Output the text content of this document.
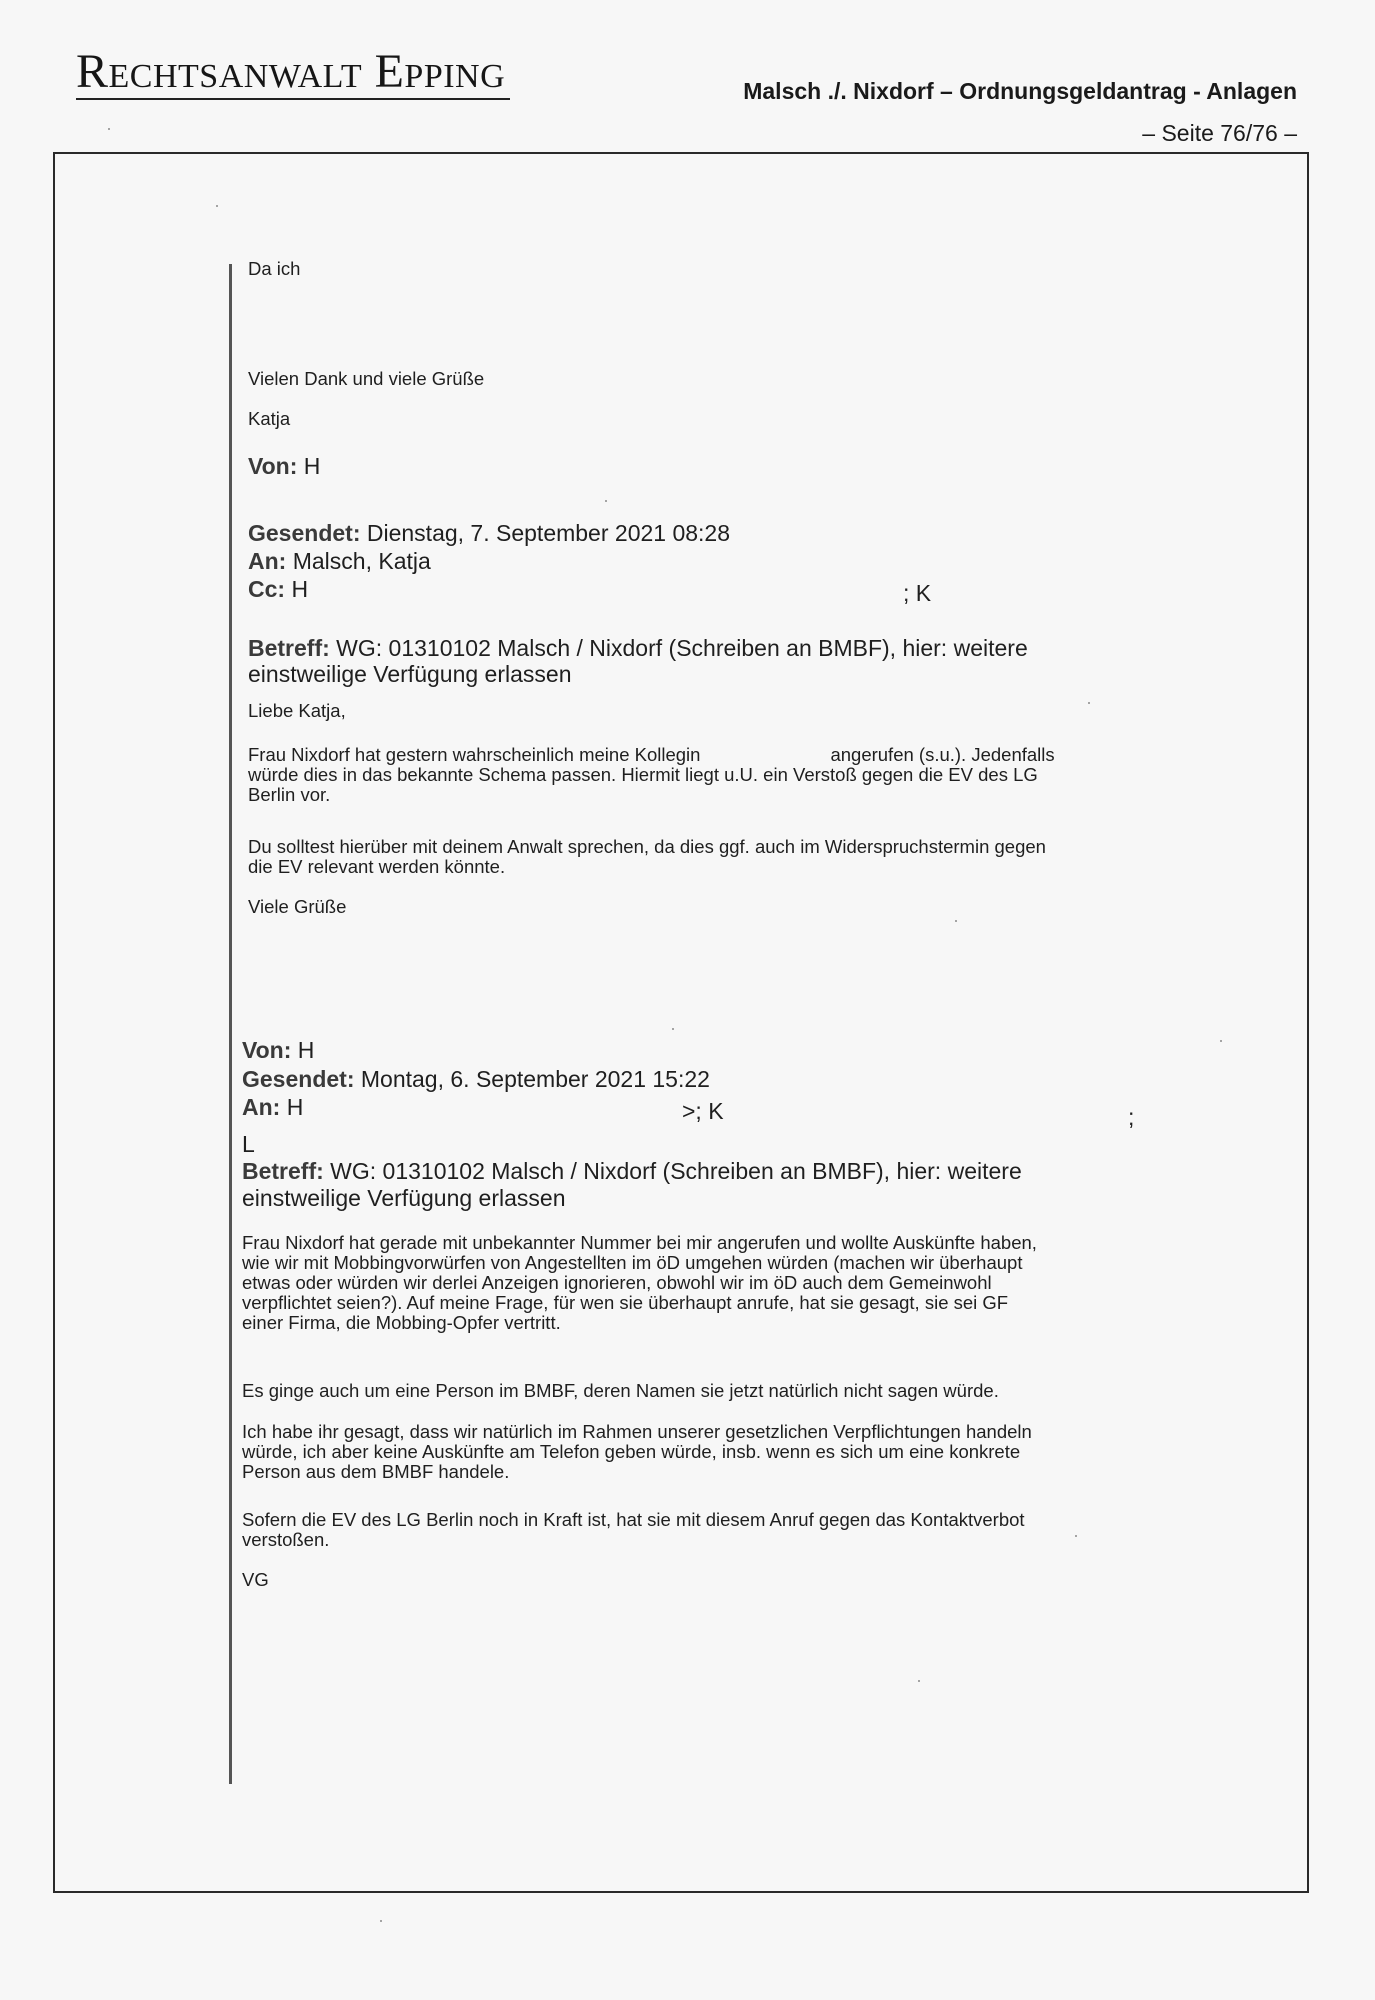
Rechtsanwalt Epping	Malsch ./. Nixdorf – Ordnungsgeldantrag - Anlagen
– Seite 76/76 –
Da ich
Vielen Dank und viele Grüße
Katja
Von: H
Gesendet: Dienstag, 7. September 2021 08:28
An: Malsch, Katja
Cc: H	; K
Betreff: WG: 01310102 Malsch / Nixdorf (Schreiben an BMBF), hier: weitere
einstweilige Verfügung erlassen
Liebe Katja,
Frau Nixdorf hat gestern wahrscheinlich meine Kollegin	angerufen (s.u.). Jedenfalls
würde dies in das bekannte Schema passen. Hiermit liegt u.U. ein Verstoß gegen die EV des LG
Berlin vor.
Du solltest hierüber mit deinem Anwalt sprechen, da dies ggf. auch im Widerspruchstermin gegen
die EV relevant werden könnte.
Viele Grüße
Von: H
Gesendet: Montag, 6. September 2021 15:22
An: H	>; K	;
L
Betreff: WG: 01310102 Malsch / Nixdorf (Schreiben an BMBF), hier: weitere
einstweilige Verfügung erlassen
Frau Nixdorf hat gerade mit unbekannter Nummer bei mir angerufen und wollte Auskünfte haben,
wie wir mit Mobbingvorwürfen von Angestellten im öD umgehen würden (machen wir überhaupt
etwas oder würden wir derlei Anzeigen ignorieren, obwohl wir im öD auch dem Gemeinwohl
verpflichtet seien?). Auf meine Frage, für wen sie überhaupt anrufe, hat sie gesagt, sie sei GF
einer Firma, die Mobbing-Opfer vertritt.
Es ginge auch um eine Person im BMBF, deren Namen sie jetzt natürlich nicht sagen würde.
Ich habe ihr gesagt, dass wir natürlich im Rahmen unserer gesetzlichen Verpflichtungen handeln
würde, ich aber keine Auskünfte am Telefon geben würde, insb. wenn es sich um eine konkrete
Person aus dem BMBF handele.
Sofern die EV des LG Berlin noch in Kraft ist, hat sie mit diesem Anruf gegen das Kontaktverbot
verstoßen.
VG
